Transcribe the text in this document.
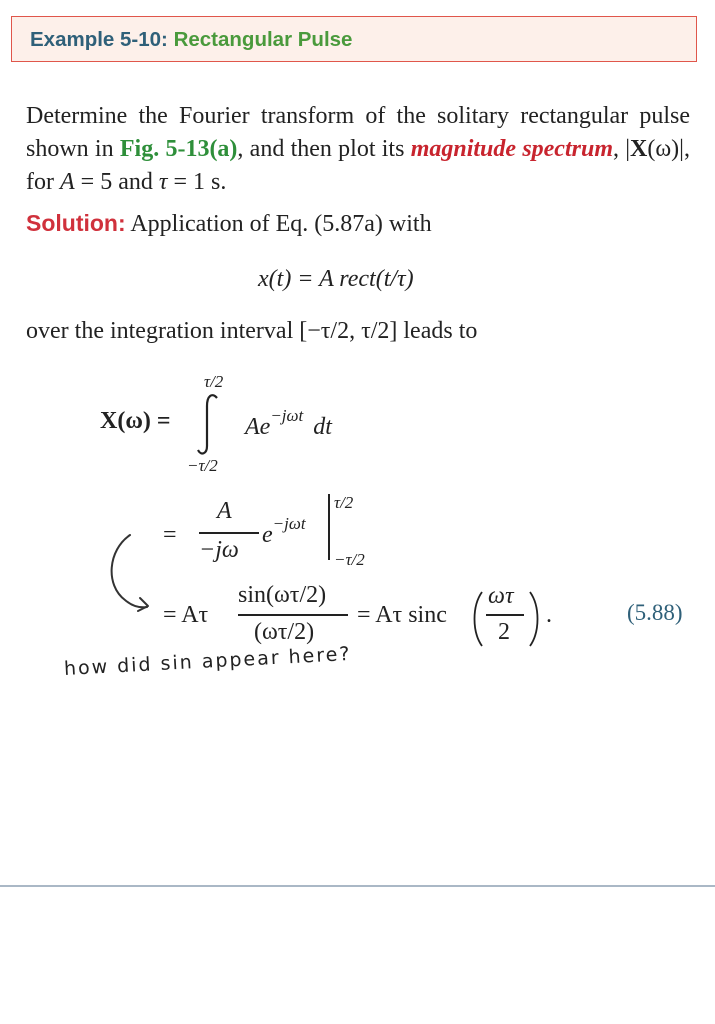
Example 5-10: Rectangular Pulse
Determine the Fourier transform of the solitary rectangular pulse shown in Fig. 5-13(a), and then plot its magnitude spectrum, |X(ω)|, for A = 5 and τ = 1 s.
Solution: Application of Eq. (5.87a) with
x(t) = A rect(t/τ)
over the integration interval [−τ/2, τ/2] leads to
τ/2
X(ω) =	$Ae^{-j\omega t}$ dt
−τ/2
=
A
−jω
$e^{-j\omega t}$
τ/2
−τ/2
= Aτ
sin(ωτ/2)
(ωτ/2)
= Aτ sinc
ωτ
2
.	(5.88)
how did sin appear here?
